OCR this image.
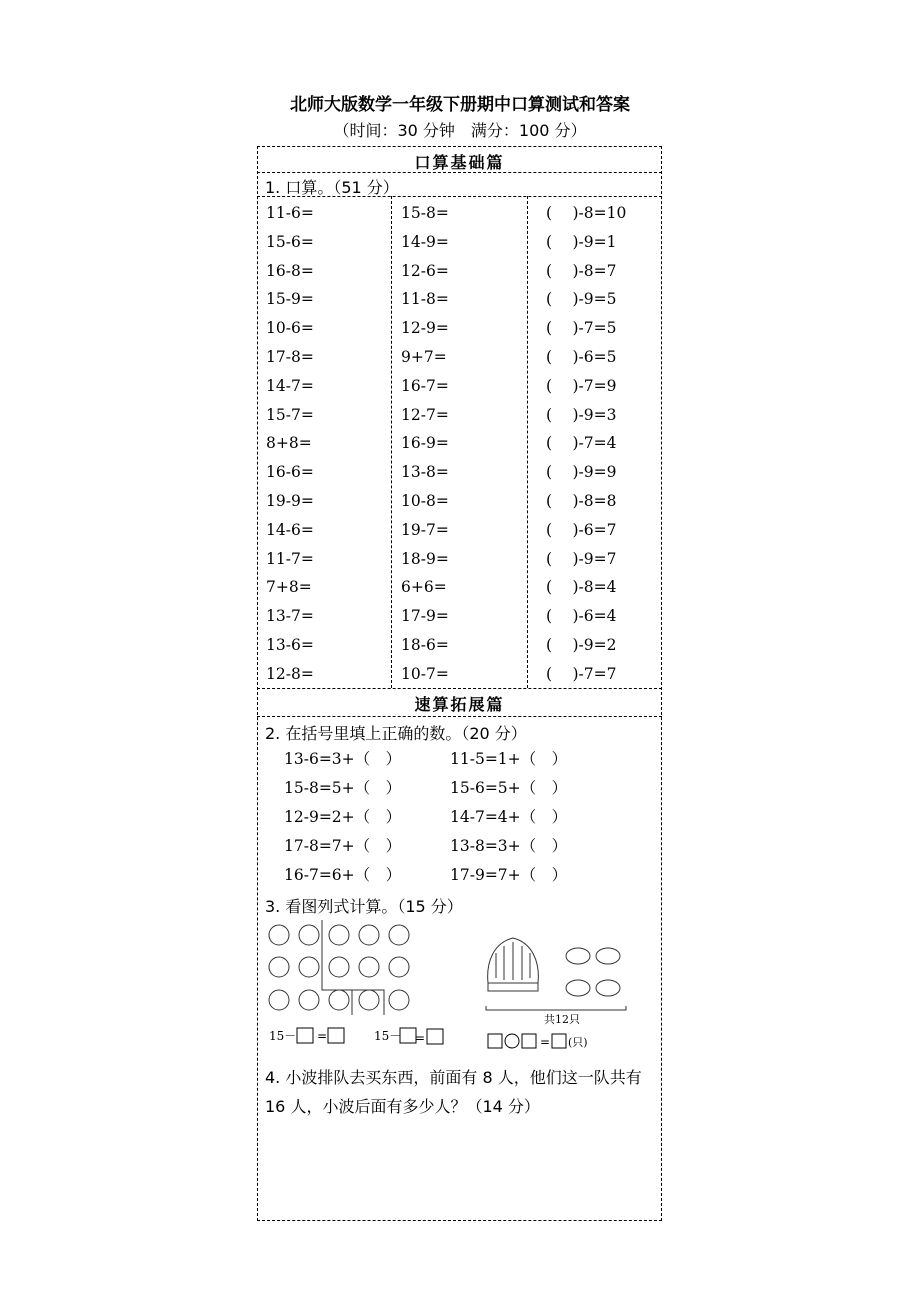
北师大版数学一年级下册期中口算测试和答案
（时间：30 分钟　满分：100 分）
口算基础篇
1. 口算。（51 分）
11-6=
15-6=
16-8=
15-9=
10-6=
17-8=
14-7=
15-7=
8+8=
16-6=
19-9=
14-6=
11-7=
7+8=
13-7=
13-6=
12-8=
15-8=
14-9=
12-6=
11-8=
12-9=
9+7=
16-7=
12-7=
16-9=
13-8=
10-8=
19-7=
18-9=
6+6=
17-9=
18-6=
10-7=
(　 )-8=10
(　 )-9=1
(　 )-8=7
(　 )-9=5
(　 )-7=5
(　 )-6=5
(　 )-7=9
(　 )-9=3
(　 )-7=4
(　 )-9=9
(　 )-8=8
(　 )-6=7
(　 )-9=7
(　 )-8=4
(　 )-6=4
(　 )-9=2
(　 )-7=7
速算拓展篇
2. 在括号里填上正确的数。（20 分）
13-6=3+（　）
15-8=5+（　）
12-9=2+（　）
17-8=7+（　）
16-7=6+（　）
11-5=1+（　）
15-6=5+（　）
14-7=4+（　）
13-8=3+（　）
17-9=7+（　）
3. 看图列式计算。（15 分）
15－ =	15－ =
共12只
= (只)
4. 小波排队去买东西，前面有 8 人，他们这一队共有 16 人，小波后面有多少人？（14 分）
